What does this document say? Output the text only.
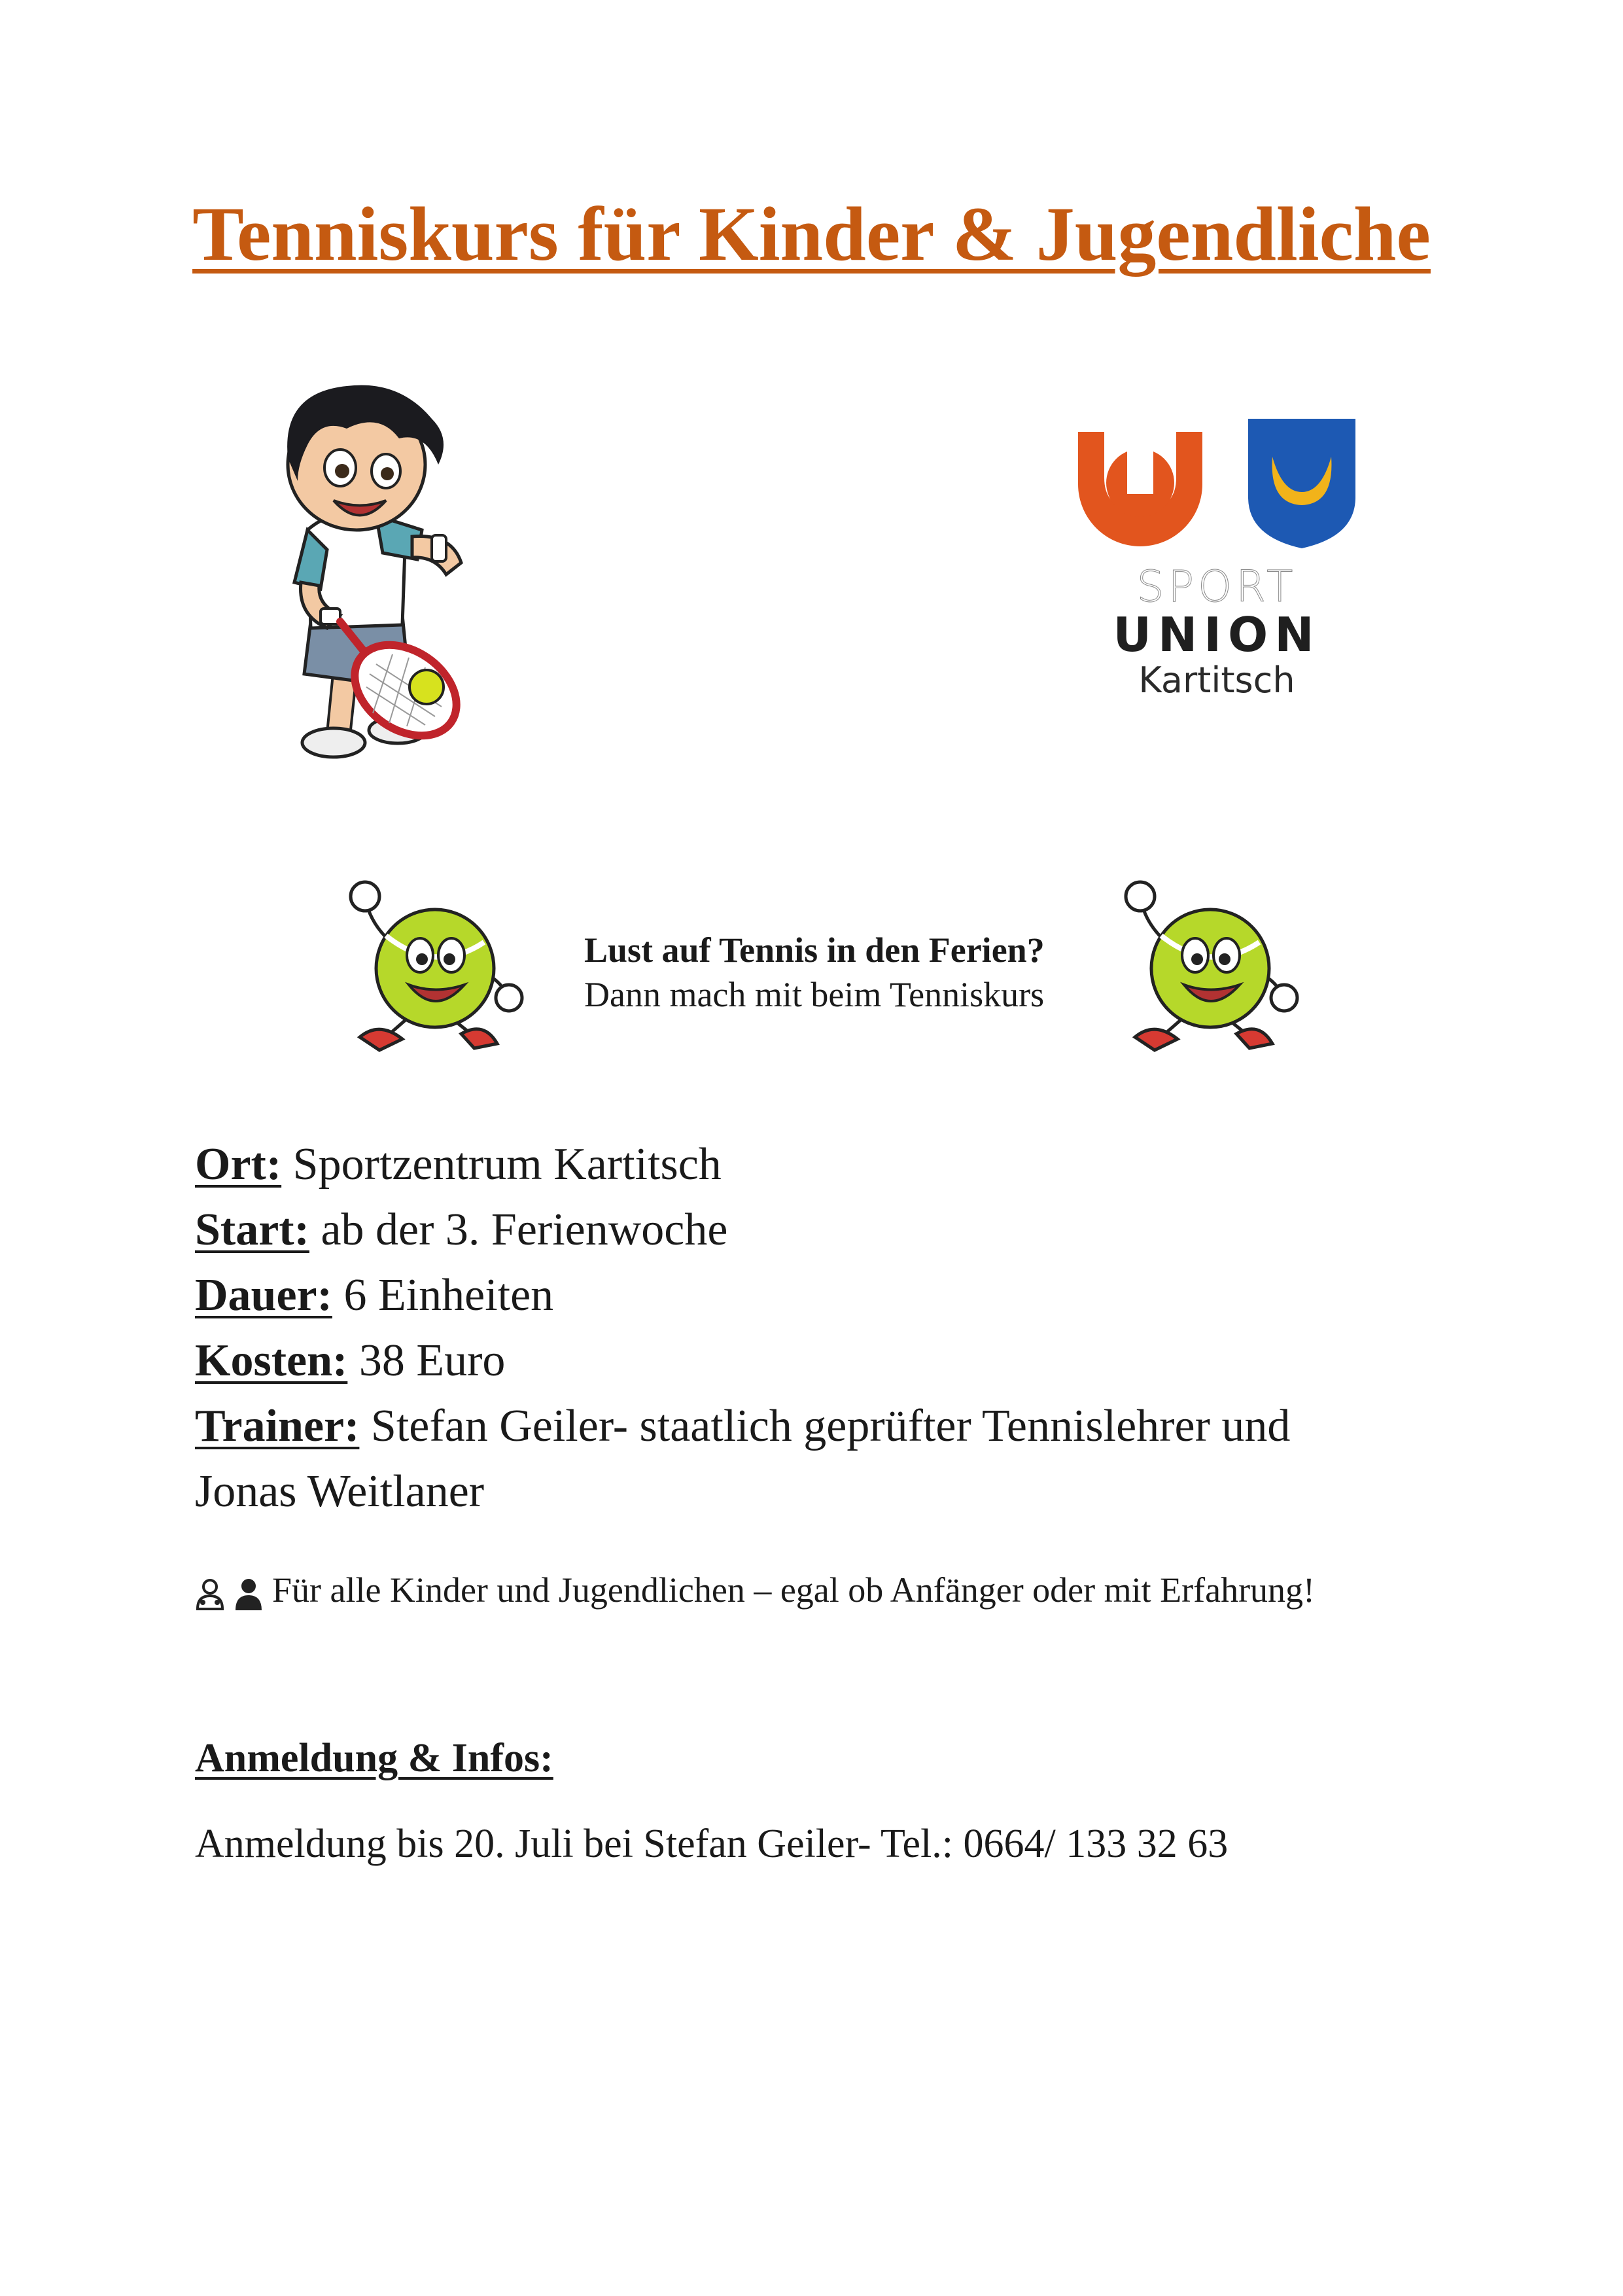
Tenniskurs für Kinder & Jugendliche
SPORT
UNION
Kartitsch
Lust auf Tennis in den Ferien?
Dann mach mit beim Tenniskurs
Ort: Sportzentrum Kartitsch
Start: ab der 3. Ferienwoche
Dauer: 6 Einheiten
Kosten: 38 Euro
Trainer: Stefan Geiler- staatlich geprüfter Tennislehrer und
Jonas Weitlaner
Für alle Kinder und Jugendlichen – egal ob Anfänger oder mit Erfahrung!
Anmeldung & Infos:
Anmeldung bis 20. Juli bei Stefan Geiler- Tel.: 0664/ 133 32 63
